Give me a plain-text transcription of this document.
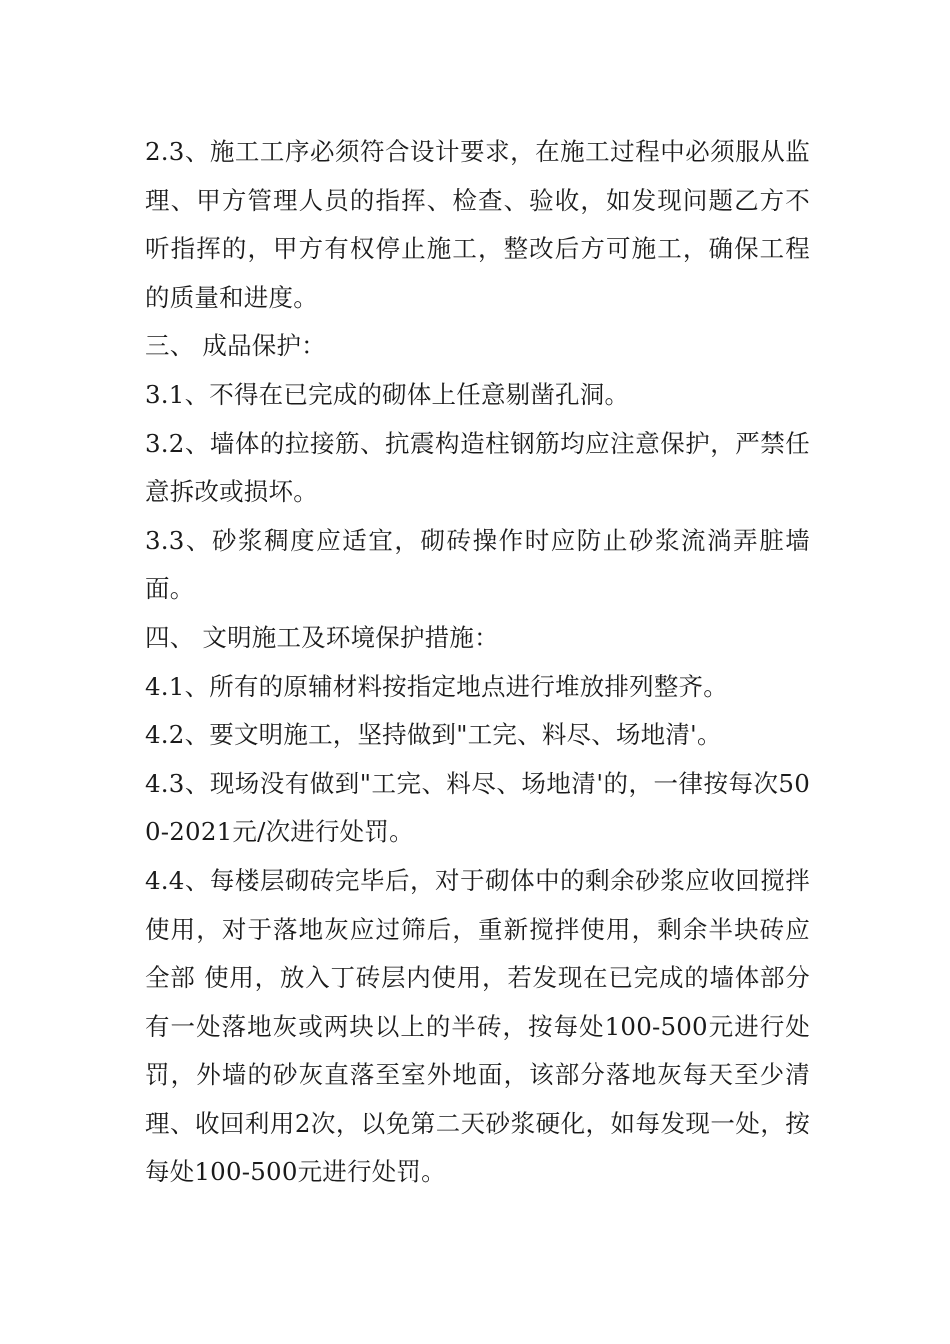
2.3、施工工序必须符合设计要求，在施工过程中必须服从监理、甲方管理人员的指挥、检查、验收，如发现问题乙方不听指挥的，甲方有权停止施工，整改后方可施工，确保工程的质量和进度。

三、 成品保护：

3.1、不得在已完成的砌体上任意剔凿孔洞。

3.2、墙体的拉接筋、抗震构造柱钢筋均应注意保护，严禁任意拆改或损坏。

3.3、砂浆稠度应适宜，砌砖操作时应防止砂浆流淌弄脏墙面。

四、 文明施工及环境保护措施：

4.1、所有的原辅材料按指定地点进行堆放排列整齐。

4.2、要文明施工，坚持做到"工完、料尽、场地清'。

4.3、现场没有做到"工完、料尽、场地清'的，一律按每次500-2021元/次进行处罚。

4.4、每楼层砌砖完毕后，对于砌体中的剩余砂浆应收回搅拌使用，对于落地灰应过筛后，重新搅拌使用，剩余半块砖应全部 使用，放入丁砖层内使用，若发现在已完成的墙体部分有一处落地灰或两块以上的半砖，按每处100-500元进行处罚，外墙的砂灰直落至室外地面，该部分落地灰每天至少清理、收回利用2次，以免第二天砂浆硬化，如每发现一处，按每处100-500元进行处罚。
